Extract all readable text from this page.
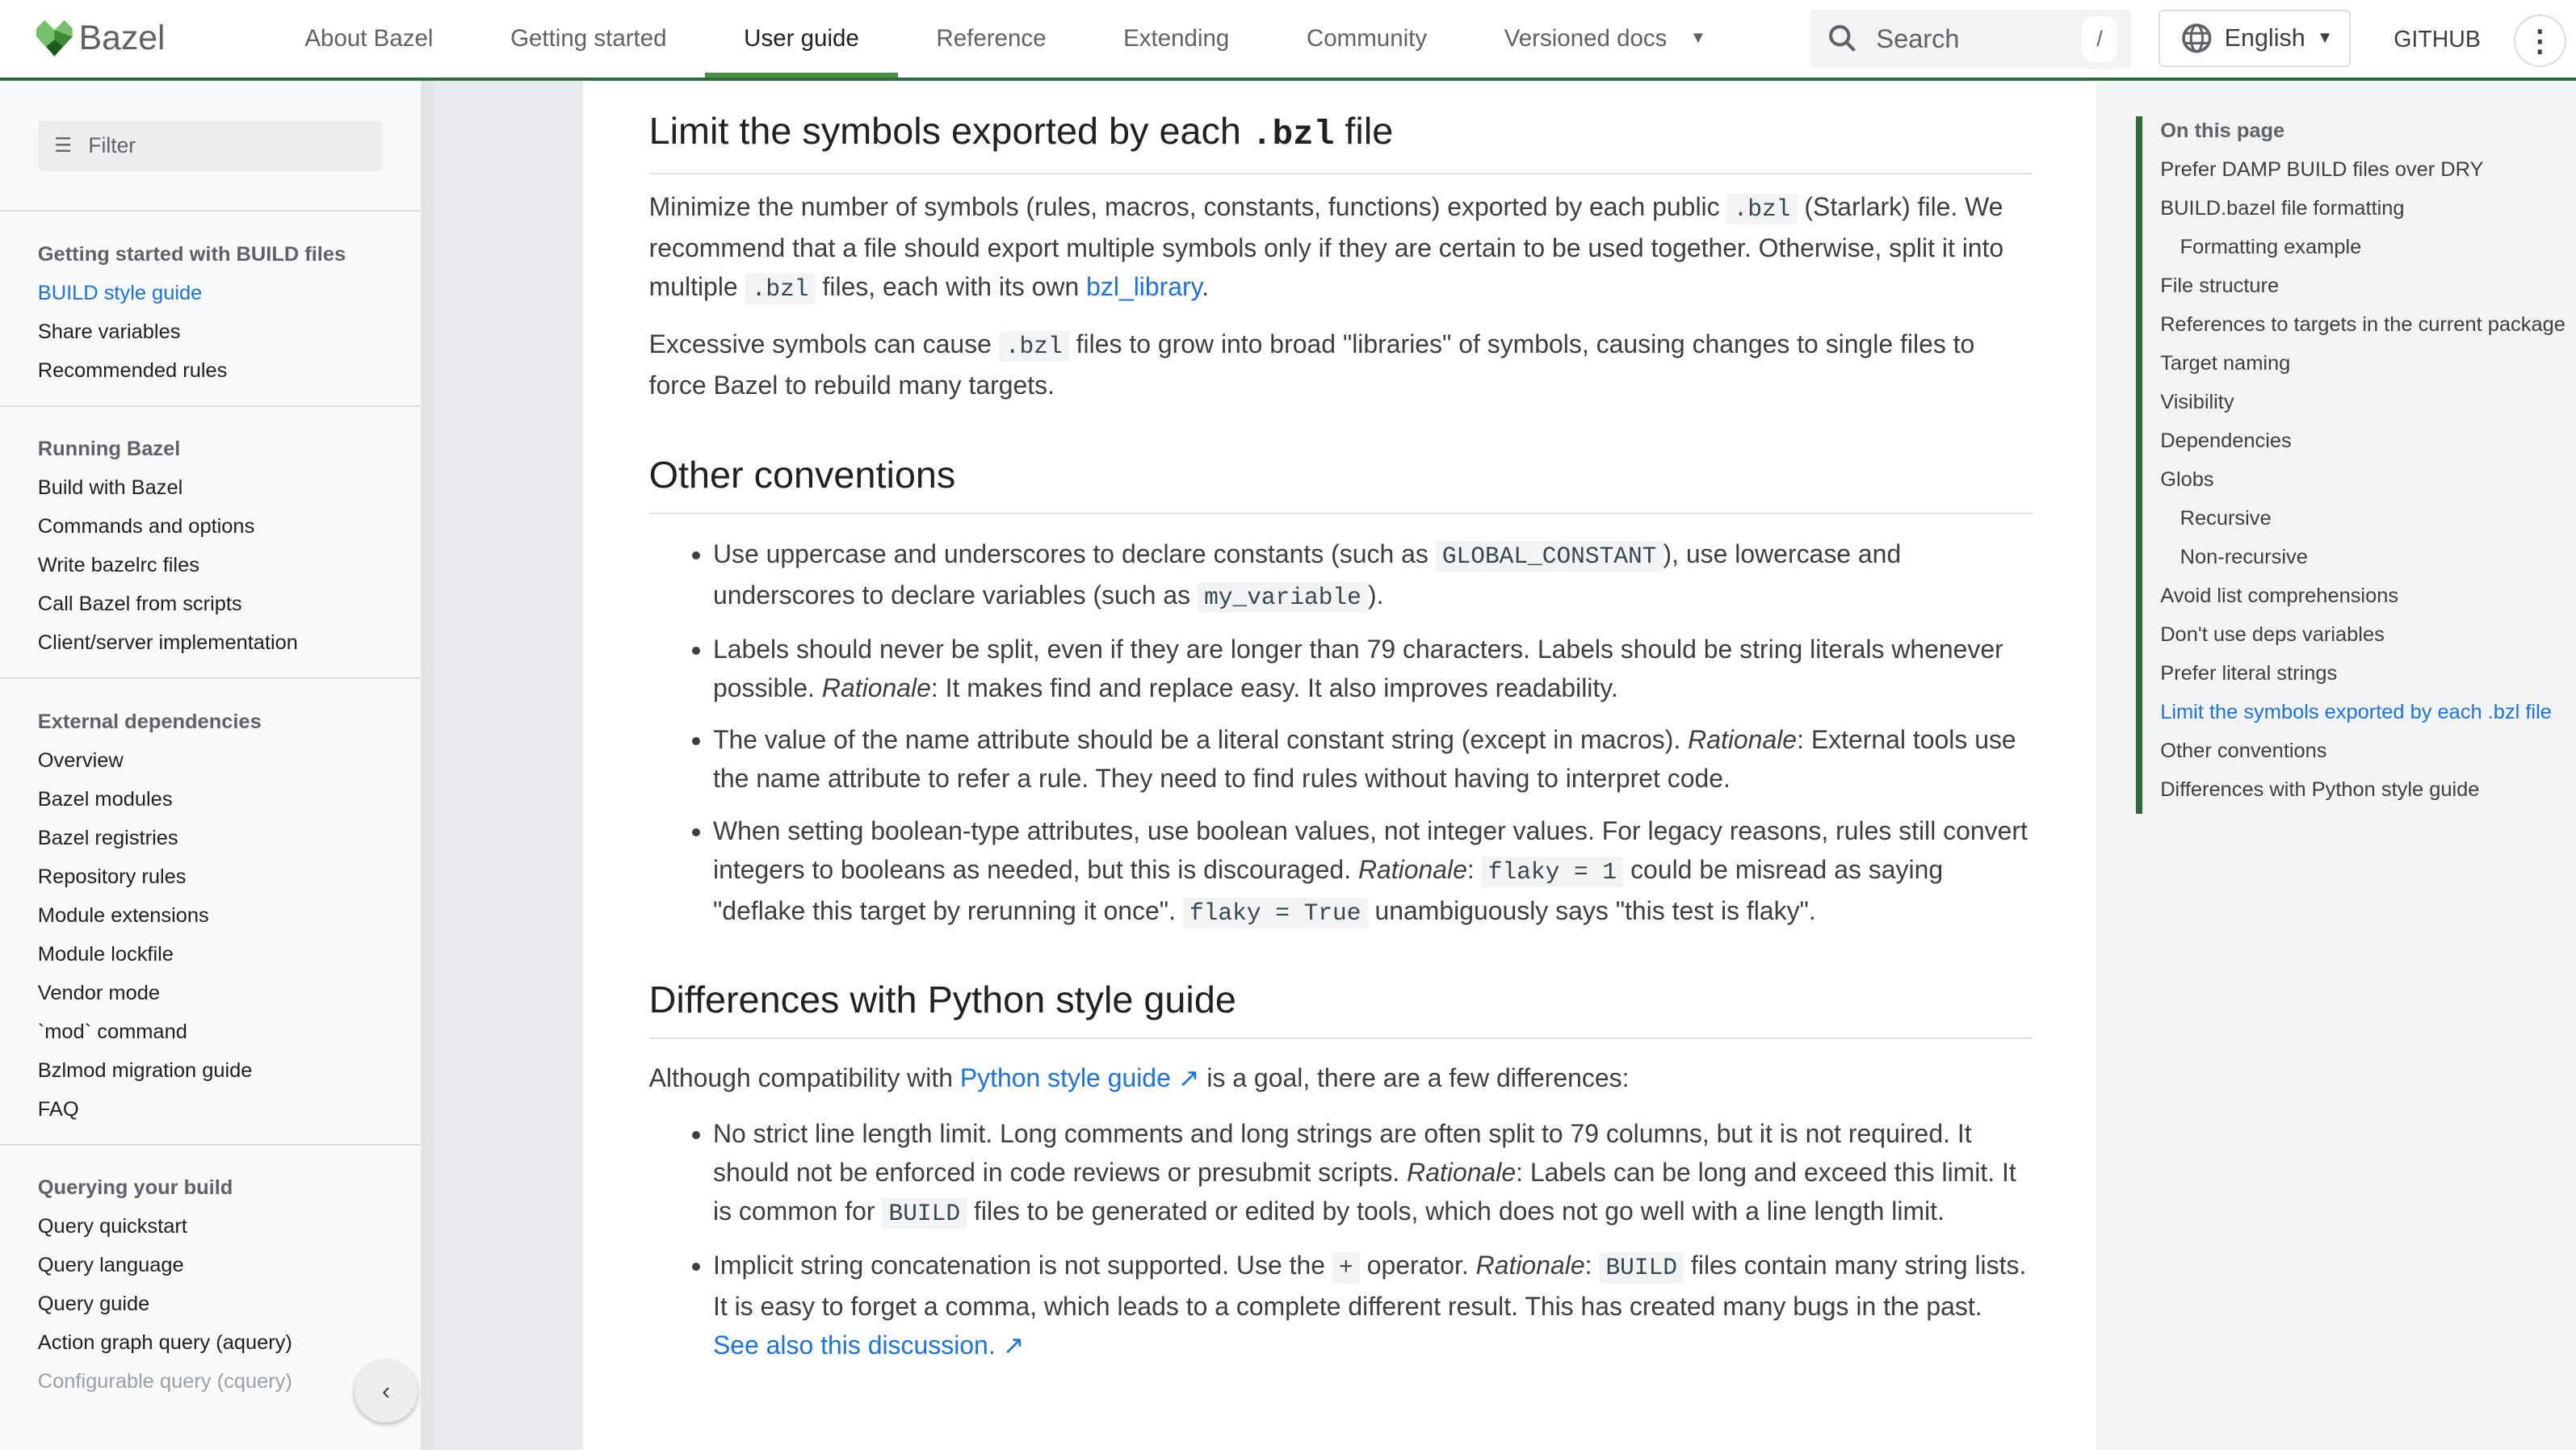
Bazel	About Bazel	Getting started	User guide	Reference	Extending	Community	Versioned docs	▼	Search	/	English ▼	GITHUB	⋮
☰ Filter
Getting started with BUILD files
BUILD style guide
Share variables
Recommended rules
Running Bazel
Build with Bazel
Commands and options
Write bazelrc files
Call Bazel from scripts
Client/server implementation
External dependencies
Overview
Bazel modules
Bazel registries
Repository rules
Module extensions
Module lockfile
Vendor mode
`mod` command
Bzlmod migration guide
FAQ
Querying your build
Query quickstart
Query language
Query guide
Action graph query (aquery)
Configurable query (cquery)	‹
Limit the symbols exported by each .bzl file

Minimize the number of symbols (rules, macros, constants, functions) exported by each public .bzl (Starlark) file. We recommend that a file should export multiple symbols only if they are certain to be used together. Otherwise, split it into multiple .bzl files, each with its own bzl_library.

Excessive symbols can cause .bzl files to grow into broad "libraries" of symbols, causing changes to single files to force Bazel to rebuild many targets.

Other conventions
• Use uppercase and underscores to declare constants (such as GLOBAL_CONSTANT ), use lowercase and underscores to declare variables (such as my_variable ).
• Labels should never be split, even if they are longer than 79 characters. Labels should be string literals whenever possible. Rationale: It makes find and replace easy. It also improves readability.
• The value of the name attribute should be a literal constant string (except in macros). Rationale: External tools use the name attribute to refer a rule. They need to find rules without having to interpret code.
• When setting boolean-type attributes, use boolean values, not integer values. For legacy reasons, rules still convert integers to booleans as needed, but this is discouraged. Rationale: flaky = 1 could be misread as saying "deflake this target by rerunning it once". flaky = True unambiguously says "this test is flaky".
Differences with Python style guide

Although compatibility with Python style guide ↗ is a goal, there are a few differences:

• No strict line length limit. Long comments and long strings are often split to 79 columns, but it is not required. It should not be enforced in code reviews or presubmit scripts. Rationale: Labels can be long and exceed this limit. It is common for BUILD files to be generated or edited by tools, which does not go well with a line length limit.
• Implicit string concatenation is not supported. Use the + operator. Rationale: BUILD files contain many string lists. It is easy to forget a comma, which leads to a complete different result. This has created many bugs in the past. See also this discussion. ↗
On this page
Prefer DAMP BUILD files over DRY
BUILD.bazel file formatting
Formatting example
File structure
References to targets in the current package
Target naming
Visibility
Dependencies
Globs
Recursive
Non-recursive
Avoid list comprehensions
Don't use deps variables
Prefer literal strings
Limit the symbols exported by each .bzl file
Other conventions
Differences with Python style guide
